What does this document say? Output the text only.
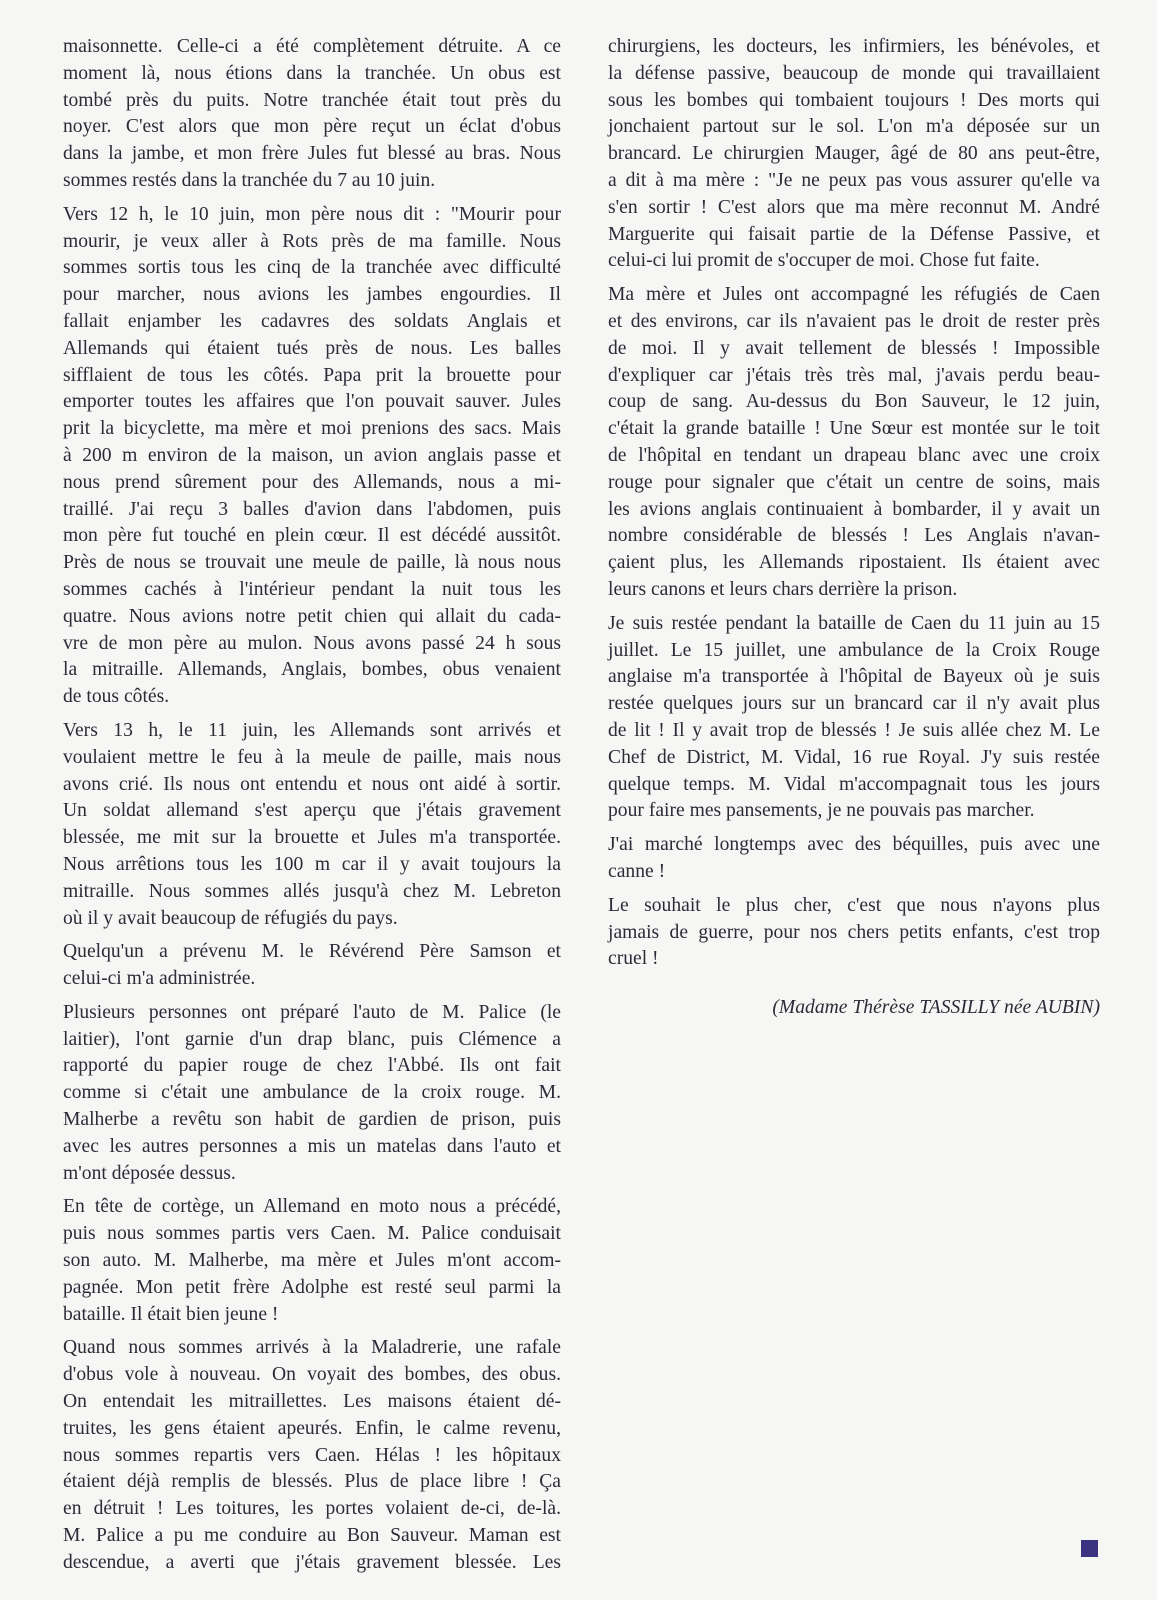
maisonnette. Celle-ci a été complètement détruite. A ce
moment là, nous étions dans la tranchée. Un obus est
tombé près du puits. Notre tranchée était tout près du
noyer. C'est alors que mon père reçut un éclat d'obus
dans la jambe, et mon frère Jules fut blessé au bras. Nous
sommes restés dans la tranchée du 7 au 10 juin.
Vers 12 h, le 10 juin, mon père nous dit : "Mourir pour
mourir, je veux aller à Rots près de ma famille. Nous
sommes sortis tous les cinq de la tranchée avec difficulté
pour marcher, nous avions les jambes engourdies. Il
fallait enjamber les cadavres des soldats Anglais et
Allemands qui étaient tués près de nous. Les balles
sifflaient de tous les côtés. Papa prit la brouette pour
emporter toutes les affaires que l'on pouvait sauver. Jules
prit la bicyclette, ma mère et moi prenions des sacs. Mais
à 200 m environ de la maison, un avion anglais passe et
nous prend sûrement pour des Allemands, nous a mi-
traillé. J'ai reçu 3 balles d'avion dans l'abdomen, puis
mon père fut touché en plein cœur. Il est décédé aussitôt.
Près de nous se trouvait une meule de paille, là nous nous
sommes cachés à l'intérieur pendant la nuit tous les
quatre. Nous avions notre petit chien qui allait du cada-
vre de mon père au mulon. Nous avons passé 24 h sous
la mitraille. Allemands, Anglais, bombes, obus venaient
de tous côtés.
Vers 13 h, le 11 juin, les Allemands sont arrivés et
voulaient mettre le feu à la meule de paille, mais nous
avons crié. Ils nous ont entendu et nous ont aidé à sortir.
Un soldat allemand s'est aperçu que j'étais gravement
blessée, me mit sur la brouette et Jules m'a transportée.
Nous arrêtions tous les 100 m car il y avait toujours la
mitraille. Nous sommes allés jusqu'à chez M. Lebreton
où il y avait beaucoup de réfugiés du pays.
Quelqu'un a prévenu M. le Révérend Père Samson et
celui-ci m'a administrée.
Plusieurs personnes ont préparé l'auto de M. Palice (le
laitier), l'ont garnie d'un drap blanc, puis Clémence a
rapporté du papier rouge de chez l'Abbé. Ils ont fait
comme si c'était une ambulance de la croix rouge. M.
Malherbe a revêtu son habit de gardien de prison, puis
avec les autres personnes a mis un matelas dans l'auto et
m'ont déposée dessus.
En tête de cortège, un Allemand en moto nous a précédé,
puis nous sommes partis vers Caen. M. Palice conduisait
son auto. M. Malherbe, ma mère et Jules m'ont accom-
pagnée. Mon petit frère Adolphe est resté seul parmi la
bataille. Il était bien jeune !
Quand nous sommes arrivés à la Maladrerie, une rafale
d'obus vole à nouveau. On voyait des bombes, des obus.
On entendait les mitraillettes. Les maisons étaient dé-
truites, les gens étaient apeurés. Enfin, le calme revenu,
nous sommes repartis vers Caen. Hélas ! les hôpitaux
étaient déjà remplis de blessés. Plus de place libre ! Ça
en détruit ! Les toitures, les portes volaient de-ci, de-là.
M. Palice a pu me conduire au Bon Sauveur. Maman est
descendue, a averti que j'étais gravement blessée. Les
chirurgiens, les docteurs, les infirmiers, les bénévoles, et
la défense passive, beaucoup de monde qui travaillaient
sous les bombes qui tombaient toujours ! Des morts qui
jonchaient partout sur le sol. L'on m'a déposée sur un
brancard. Le chirurgien Mauger, âgé de 80 ans peut-être,
a dit à ma mère : "Je ne peux pas vous assurer qu'elle va
s'en sortir ! C'est alors que ma mère reconnut M. André
Marguerite qui faisait partie de la Défense Passive, et
celui-ci lui promit de s'occuper de moi. Chose fut faite.
Ma mère et Jules ont accompagné les réfugiés de Caen
et des environs, car ils n'avaient pas le droit de rester près
de moi. Il y avait tellement de blessés ! Impossible
d'expliquer car j'étais très très mal, j'avais perdu beau-
coup de sang. Au-dessus du Bon Sauveur, le 12 juin,
c'était la grande bataille ! Une Sœur est montée sur le toit
de l'hôpital en tendant un drapeau blanc avec une croix
rouge pour signaler que c'était un centre de soins, mais
les avions anglais continuaient à bombarder, il y avait un
nombre considérable de blessés ! Les Anglais n'avan-
çaient plus, les Allemands ripostaient. Ils étaient avec
leurs canons et leurs chars derrière la prison.
Je suis restée pendant la bataille de Caen du 11 juin au 15
juillet. Le 15 juillet, une ambulance de la Croix Rouge
anglaise m'a transportée à l'hôpital de Bayeux où je suis
restée quelques jours sur un brancard car il n'y avait plus
de lit ! Il y avait trop de blessés ! Je suis allée chez M. Le
Chef de District, M. Vidal, 16 rue Royal. J'y suis restée
quelque temps. M. Vidal m'accompagnait tous les jours
pour faire mes pansements, je ne pouvais pas marcher.
J'ai marché longtemps avec des béquilles, puis avec une
canne !
Le souhait le plus cher, c'est que nous n'ayons plus
jamais de guerre, pour nos chers petits enfants, c'est trop
cruel !
(Madame Thérèse TASSILLY née AUBIN)
